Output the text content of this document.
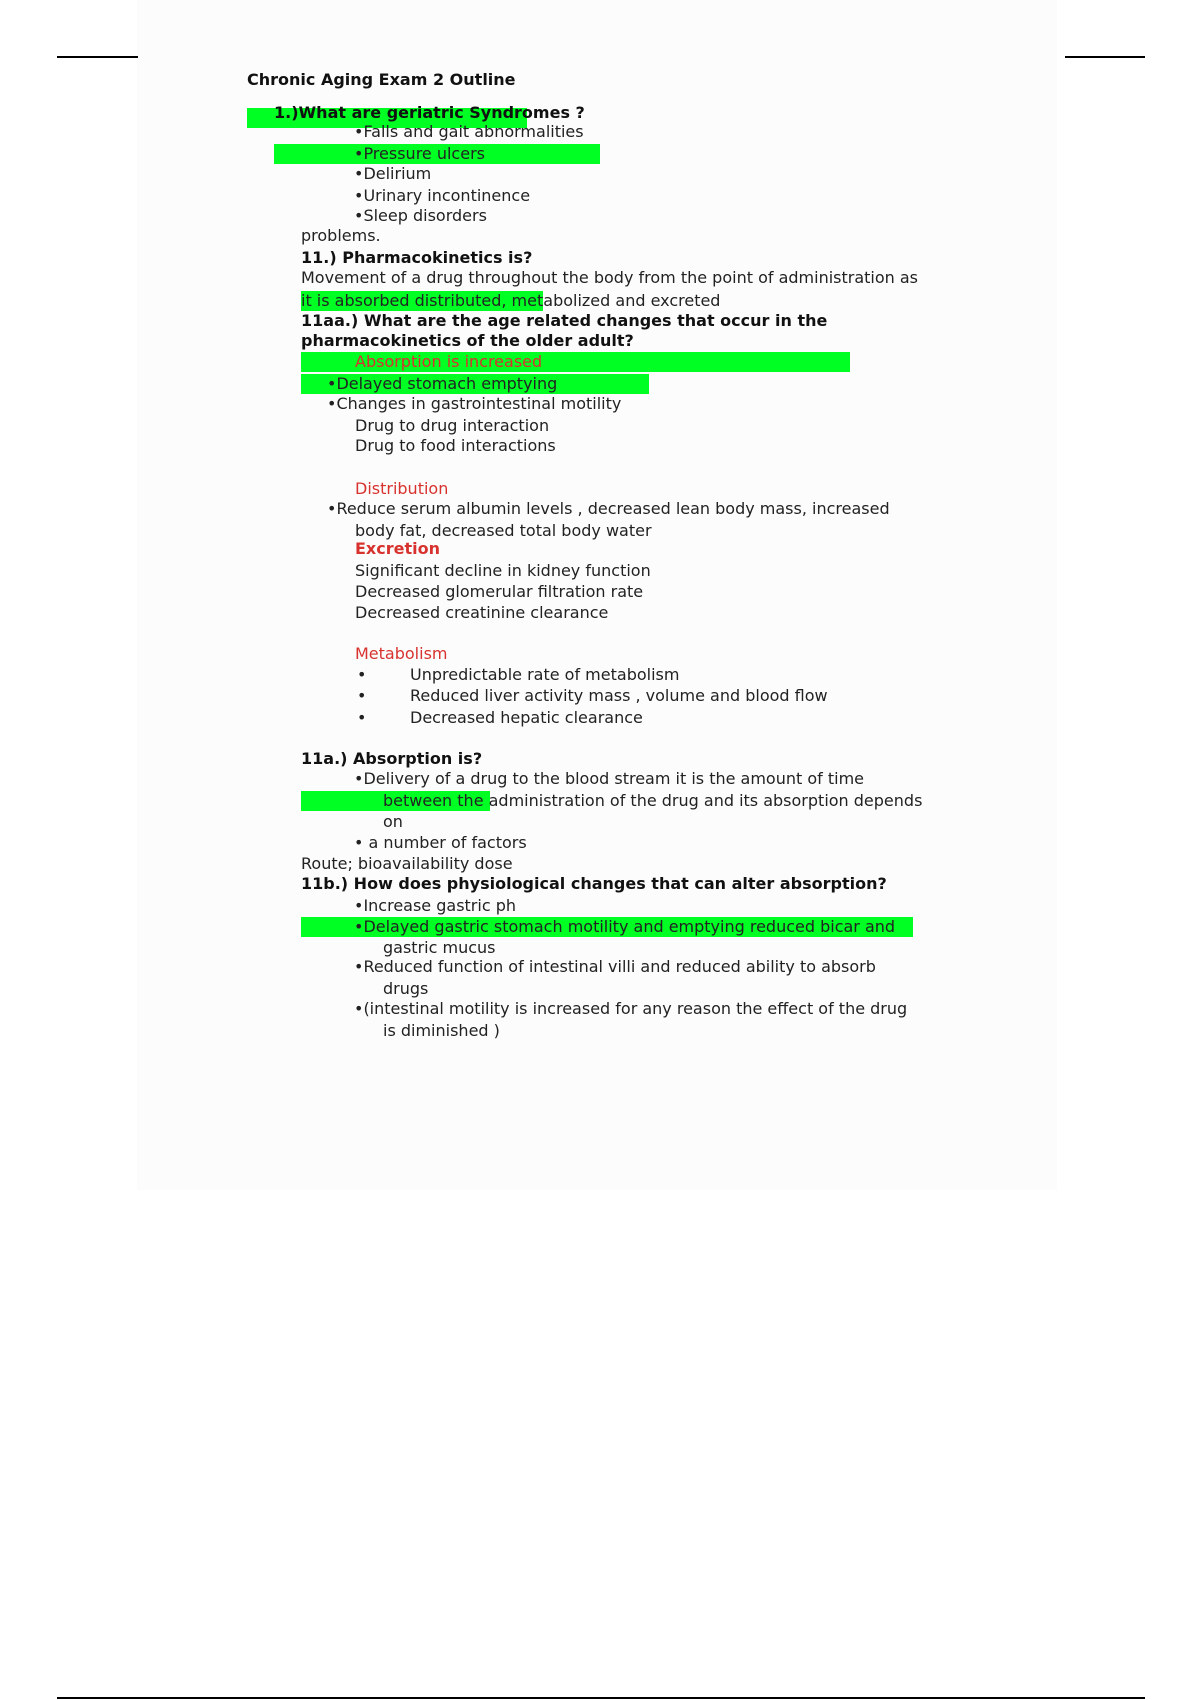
Chronic Aging Exam 2 Outline
1.)What are geriatric Syndromes ?
•Falls and gait abnormalities
•Pressure ulcers
•Delirium
•Urinary incontinence
•Sleep disorders
problems.
11.) Pharmacokinetics is?
Movement of a drug throughout the body from the point of administration as
it is absorbed distributed, metabolized and excreted
11aa.) What are the age related changes that occur in the
pharmacokinetics of the older adult?
Absorption is increased
•Delayed stomach emptying
•Changes in gastrointestinal motility
Drug to drug interaction
Drug to food interactions
Distribution
•Reduce serum albumin levels , decreased lean body mass, increased
body fat, decreased total body water
Excretion
Significant decline in kidney function
Decreased glomerular filtration rate
Decreased creatinine clearance
Metabolism
•	Unpredictable rate of metabolism
•	Reduced liver activity mass , volume and blood flow
•	Decreased hepatic clearance
11a.) Absorption is?
•Delivery of a drug to the blood stream it is the amount of time
between the administration of the drug and its absorption depends
on
• a number of factors
Route; bioavailability dose
11b.) How does physiological changes that can alter absorption?
•Increase gastric ph
•Delayed gastric stomach motility and emptying reduced bicar and
gastric mucus
•Reduced function of intestinal villi and reduced ability to absorb
drugs
•(intestinal motility is increased for any reason the effect of the drug
is diminished )
